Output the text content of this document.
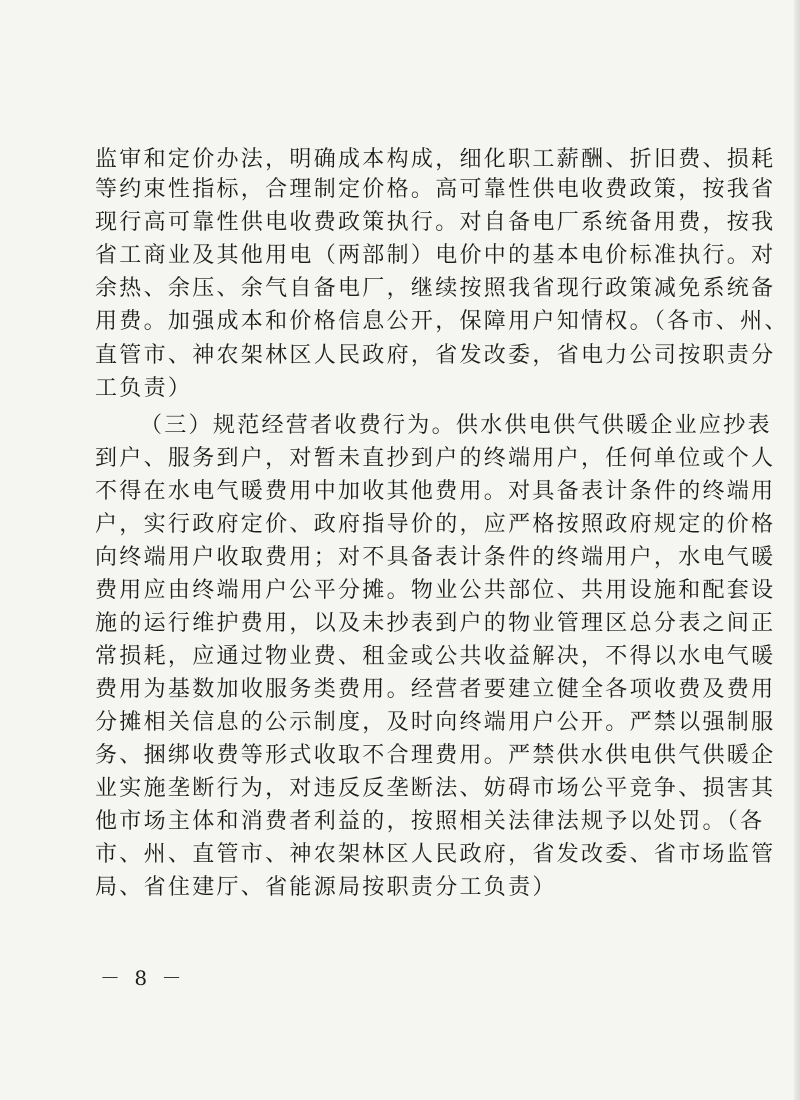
监审和定价办法，明确成本构成，细化职工薪酬、折旧费、损耗
等约束性指标，合理制定价格。高可靠性供电收费政策，按我省
现行高可靠性供电收费政策执行。对自备电厂系统备用费，按我
省工商业及其他用电（两部制）电价中的基本电价标准执行。对
余热、余压、余气自备电厂，继续按照我省现行政策减免系统备
用费。加强成本和价格信息公开，保障用户知情权。（各市、州、
直管市、神农架林区人民政府，省发改委，省电力公司按职责分
工负责）
（三）规范经营者收费行为。供水供电供气供暖企业应抄表
到户、服务到户，对暂未直抄到户的终端用户，任何单位或个人
不得在水电气暖费用中加收其他费用。对具备表计条件的终端用
户，实行政府定价、政府指导价的，应严格按照政府规定的价格
向终端用户收取费用；对不具备表计条件的终端用户，水电气暖
费用应由终端用户公平分摊。物业公共部位、共用设施和配套设
施的运行维护费用，以及未抄表到户的物业管理区总分表之间正
常损耗，应通过物业费、租金或公共收益解决，不得以水电气暖
费用为基数加收服务类费用。经营者要建立健全各项收费及费用
分摊相关信息的公示制度，及时向终端用户公开。严禁以强制服
务、捆绑收费等形式收取不合理费用。严禁供水供电供气供暖企
业实施垄断行为，对违反反垄断法、妨碍市场公平竞争、损害其
他市场主体和消费者利益的，按照相关法律法规予以处罚。（各
市、州、直管市、神农架林区人民政府，省发改委、省市场监管
局、省住建厅、省能源局按职责分工负责）
－ 8 －
